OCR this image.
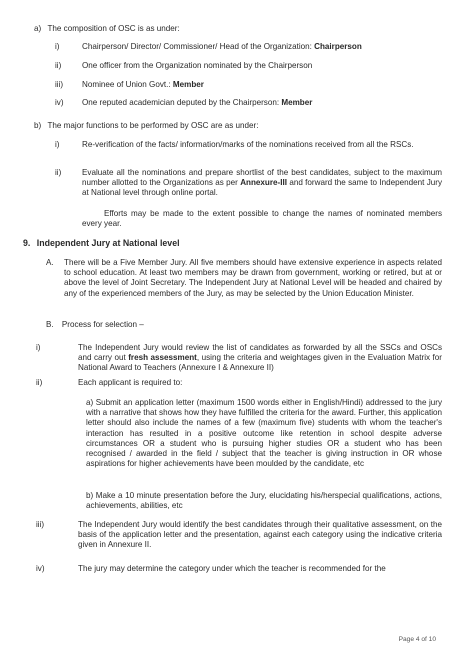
a) The composition of OSC is as under:
i)	Chairperson/ Director/ Commissioner/ Head of the Organization: Chairperson
ii)	One officer from the Organization nominated by the Chairperson
iii) Nominee of Union Govt.: Member
iv) One reputed academician deputed by the Chairperson: Member
b) The major functions to be performed by OSC are as under:
i)	Re-verification of the facts/ information/marks of the nominations received from all the RSCs.
ii)	Evaluate all the nominations and prepare shortlist of the best candidates, subject to the maximum number allotted to the Organizations as per Annexure-III and forward the same to Independent Jury at National level through online portal.
Efforts may be made to the extent possible to change the names of nominated members every year.
9. Independent Jury at National level
A. There will be a Five Member Jury. All five members should have extensive experience in aspects related to school education. At least two members may be drawn from government, working or retired, but at or above the level of Joint Secretary. The Independent Jury at National Level will be headed and chaired by any of the experienced members of the Jury, as may be selected by the Union Education Minister.
B. Process for selection –
i)	The Independent Jury would review the list of candidates as forwarded by all the SSCs and OSCs and carry out fresh assessment, using the criteria and weightages given in the Evaluation Matrix for National Award to Teachers (Annexure I & Annexure II)
ii)	Each applicant is required to:
a) Submit an application letter (maximum 1500 words either in English/Hindi) addressed to the jury with a narrative that shows how they have fulfilled the criteria for the award. Further, this application letter should also include the names of a few (maximum five) students with whom the teacher's interaction has resulted in a positive outcome like retention in school despite adverse circumstances OR a student who is pursuing higher studies OR a student who has been recognised / awarded in the field / subject that the teacher is giving instruction in OR whose aspirations for higher achievements have been moulded by the candidate, etc
b) Make a 10 minute presentation before the Jury, elucidating his/herspecial qualifications, actions, achievements, abilities, etc
iii)	The Independent Jury would identify the best candidates through their qualitative assessment, on the basis of the application letter and the presentation, against each category using the indicative criteria given in Annexure II.
iv)	The jury may determine the category under which the teacher is recommended for the
Page 4 of 10
